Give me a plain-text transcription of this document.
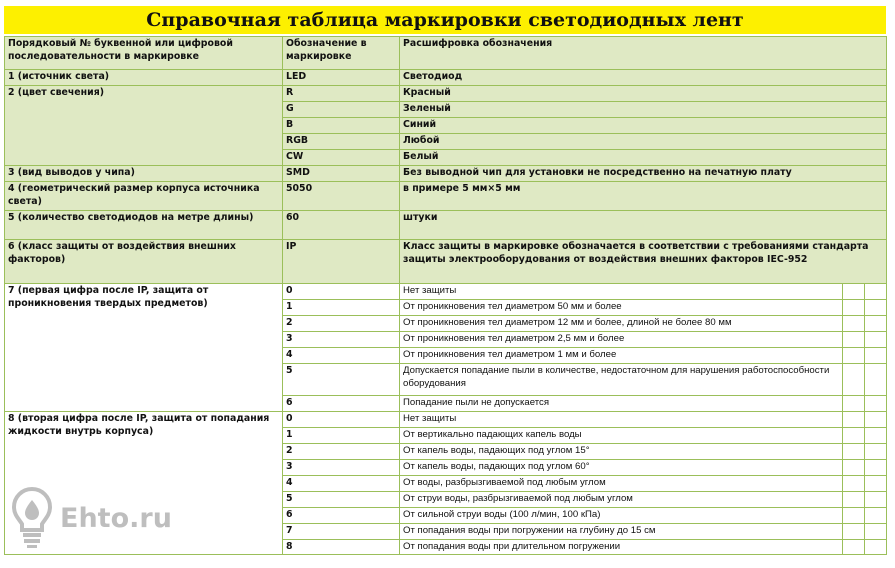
Справочная таблица маркировки светодиодных лент
Порядковый № буквенной или цифровой последовательности в маркировке	Обозначение в маркировке	Расшифровка обозначения		
1 (источник света)	LED	Светодиод		
2 (цвет свечения)	R	Красный		
	G	Зеленый		
	B	Синий		
	RGB	Любой		
	CW	Белый		
3 (вид выводов у чипа)	SMD	Без выводной чип для установки не посредственно на печатную плату		
4 (геометрический размер корпуса источника света)	5050	в примере 5 мм×5 мм		
5 (количество светодиодов на метре длины)	60	штуки		
6 (класс защиты от воздействия внешних факторов)	IP	Класс защиты в маркировке обозначается в соответствии с требованиями стандарта защиты электрооборудования от воздействия внешних факторов IEC-952		
7 (первая цифра после IP, защита от проникновения твердых предметов)	0	Нет защиты		
	1	От проникновения тел диаметром 50 мм и более		
	2	От проникновения тел диаметром 12 мм и более, длиной не более 80 мм		
	3	От проникновения тел диаметром 2,5 мм и более		
	4	От проникновения тел диаметром 1 мм и более		
	5	Допускается попадание пыли в количестве, недостаточном для нарушения работоспособности оборудования		
	6	Попадание пыли не допускается		
8 (вторая цифра после IP, защита от попадания жидкости внутрь корпуса)	0	Нет защиты		
	1	От вертикально падающих капель воды		
	2	От капель воды, падающих под углом 15°		
	3	От капель воды, падающих под углом 60°		
	4	От воды, разбрызгиваемой под любым углом		
	5	От струи воды, разбрызгиваемой под любым углом		
	6	От сильной струи воды (100 л/мин, 100 кПа)		
	7	От попадания воды при погружении на глубину до 15 см		
	8	От попадания воды при длительном погружении		
Ehto.ru
